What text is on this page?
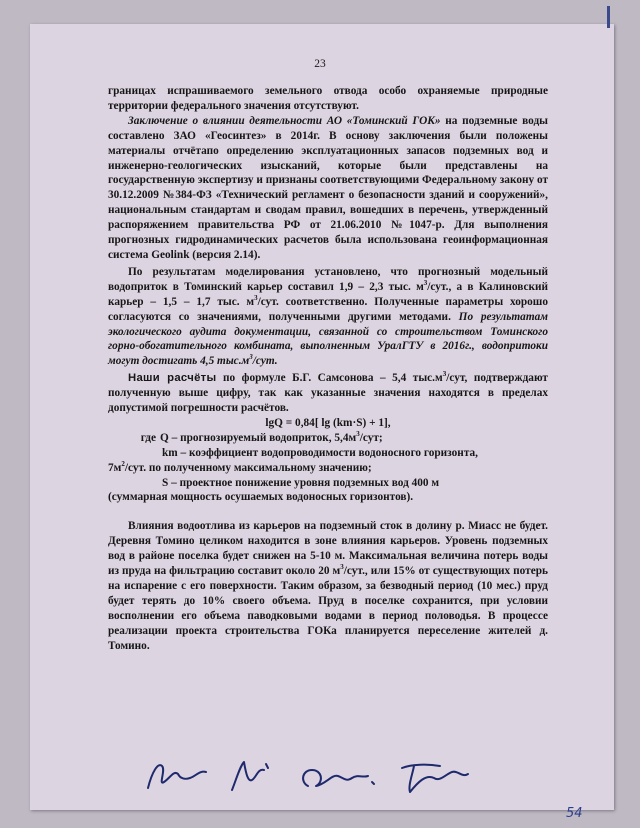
23

границах испрашиваемого земельного отвода особо охраняемые природные территории федерального значения отсутствуют.

Заключение о влиянии деятельности АО «Томинский ГОК» на подземные воды составлено ЗАО «Геосинтез» в 2014г. В основу заключения были положены материалы отчётапо определению эксплуатационных запасов подземных вод и инженерно-геологических изысканий, которые были представлены на государственную экспертизу и признаны соответствующими Федеральному закону от 30.12.2009 №384-ФЗ «Технический регламент о безопасности зданий и сооружений», национальным стандартам и сводам правил, вошедших в перечень, утвержденный распоряжением правительства РФ от 21.06.2010 №1047-р. Для выполнения прогнозных гидродинамических расчетов была использована геоинформационная система Geolink (версия 2.14).

По результатам моделирования установлено, что прогнозный модельный водоприток в Томинский карьер составил 1,9 – 2,3 тыс. $м^3$/сут., а в Калиновский карьер – 1,5 – 1,7 тыс. $м^3$/сут. соответственно. Полученные параметры хорошо согласуются со значениями, полученными другими методами. По результатам экологического аудита документации, связанной со строительством Томинского горно-обогатительного комбината, выполненным УралГТУ в 2016г., водопритоки могут достигать 4,5 $тыс.м^3$/сут.

Наши расчёты по формуле Б.Г. Самсонова – 5,4 $тыс.м^3$/сут, подтверждают полученную выше цифру, так как указанные значения находятся в пределах допустимой погрешности расчётов.

lgQ = 0,84[ lg (km·S) + 1],

где Q – прогнозируемый водоприток, $5,4м^3$/сут;

km – коэффициент водопроводимости водоносного горизонта,

$7м^2$/сут. по полученному максимальному значению;

S – проектное понижение уровня подземных вод 400 м

(суммарная мощность осушаемых водоносных горизонтов).

Влияния водоотлива из карьеров на подземный сток в долину р. Миасс не будет. Деревня Томино целиком находится в зоне влияния карьеров. Уровень подземных вод в районе поселка будет снижен на 5-10 м. Максимальная величина потерь воды из пруда на фильтрацию составит около 20 $м^3$/сут., или 15% от существующих потерь на испарение с его поверхности. Таким образом, за безводный период (10 мес.) пруд будет терять до 10% своего объема. Пруд в поселке сохранится, при условии восполнении его объема паводковыми водами в период половодья. В процессе реализации проекта строительства ГОКа планируется переселение жителей д. Томино.

54
